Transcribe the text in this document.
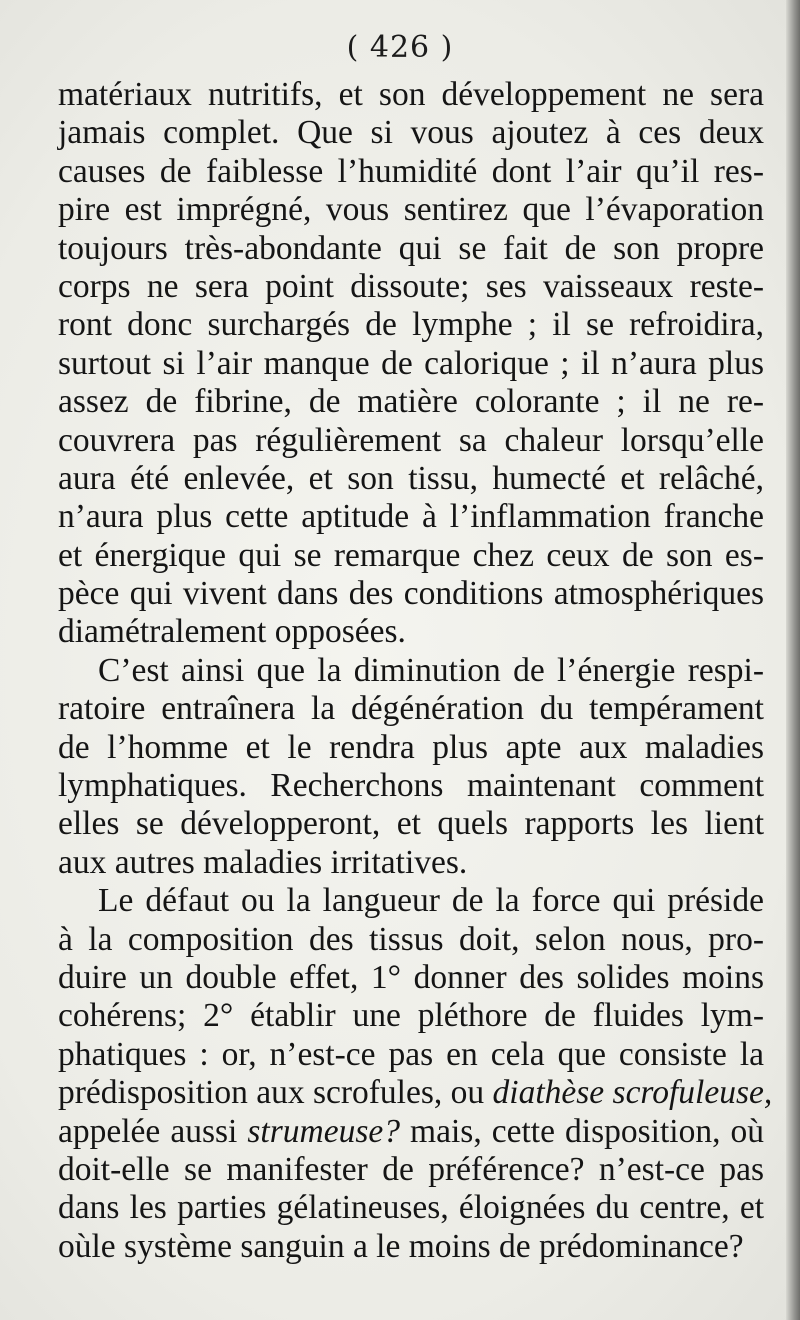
( 426 )
matériaux nutritifs, et son développement ne sera
jamais complet. Que si vous ajoutez à ces deux
causes de faiblesse l’humidité dont l’air qu’il res-
pire est imprégné, vous sentirez que l’évaporation
toujours très-abondante qui se fait de son propre
corps ne sera point dissoute; ses vaisseaux reste-
ront donc surchargés de lymphe ; il se refroidira,
surtout si l’air manque de calorique ; il n’aura plus
assez de fibrine, de matière colorante ; il ne re-
couvrera pas régulièrement sa chaleur lorsqu’elle
aura été enlevée, et son tissu, humecté et relâché,
n’aura plus cette aptitude à l’inflammation franche
et énergique qui se remarque chez ceux de son es-
pèce qui vivent dans des conditions atmosphériques
diamétralement opposées.
C’est ainsi que la diminution de l’énergie respi-
ratoire entraînera la dégénération du tempérament
de l’homme et le rendra plus apte aux maladies
lymphatiques. Recherchons maintenant comment
elles se développeront, et quels rapports les lient
aux autres maladies irritatives.
Le défaut ou la langueur de la force qui préside
à la composition des tissus doit, selon nous, pro-
duire un double effet, 1° donner des solides moins
cohérens; 2° établir une pléthore de fluides lym-
phatiques : or, n’est-ce pas en cela que consiste la
prédisposition aux scrofules, ou diathèse scrofuleuse,
appelée aussi strumeuse? mais, cette disposition, où
doit-elle se manifester de préférence? n’est-ce pas
dans les parties gélatineuses, éloignées du centre, et
oùle système sanguin a le moins de prédominance?
